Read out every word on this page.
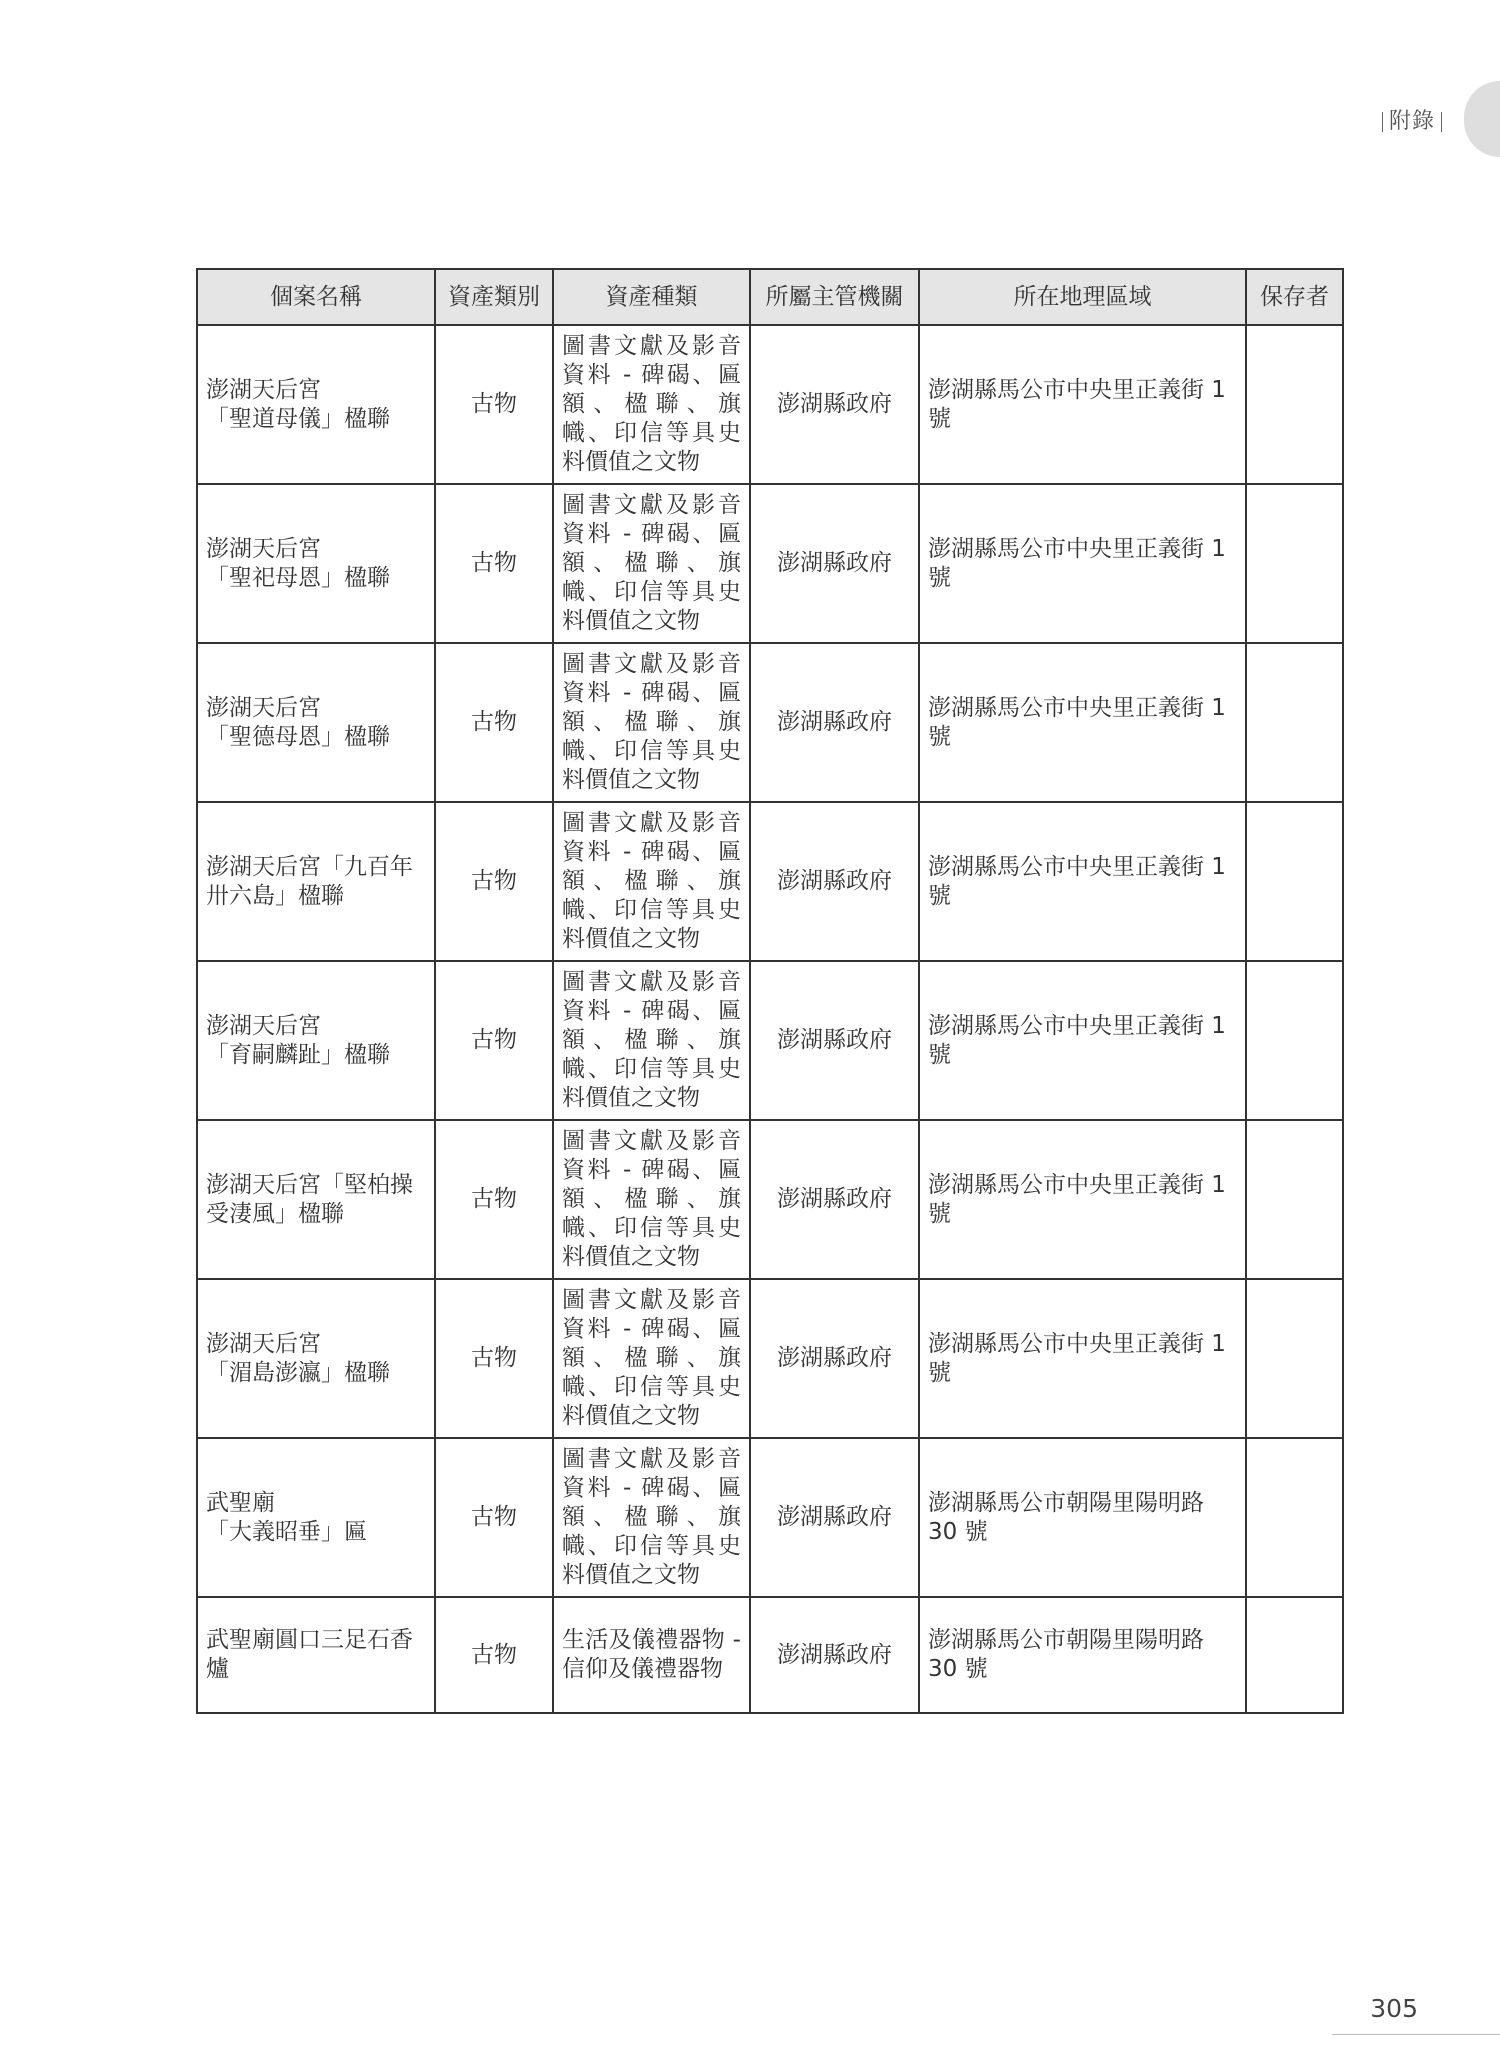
附錄
個案名稱	資產類別	資產種類	所屬主管機關	所在地理區域	保存者

澎湖天后宮
「聖道母儀」楹聯	古物	圖書文獻及影音資料 - 碑碣、匾額、楹聯、旗幟、印信等具史料價值之文物	澎湖縣政府	澎湖縣馬公市中央里正義街 1 號	

澎湖天后宮
「聖祀母恩」楹聯	古物	圖書文獻及影音資料 - 碑碣、匾額、楹聯、旗幟、印信等具史料價值之文物	澎湖縣政府	澎湖縣馬公市中央里正義街 1 號	

澎湖天后宮
「聖德母恩」楹聯	古物	圖書文獻及影音資料 - 碑碣、匾額、楹聯、旗幟、印信等具史料價值之文物	澎湖縣政府	澎湖縣馬公市中央里正義街 1 號	

澎湖天后宮「九百年卅六島」楹聯	古物	圖書文獻及影音資料 - 碑碣、匾額、楹聯、旗幟、印信等具史料價值之文物	澎湖縣政府	澎湖縣馬公市中央里正義街 1 號	

澎湖天后宮
「育嗣麟趾」楹聯	古物	圖書文獻及影音資料 - 碑碣、匾額、楹聯、旗幟、印信等具史料價值之文物	澎湖縣政府	澎湖縣馬公市中央里正義街 1 號	

澎湖天后宮「堅柏操受淒風」楹聯	古物	圖書文獻及影音資料 - 碑碣、匾額、楹聯、旗幟、印信等具史料價值之文物	澎湖縣政府	澎湖縣馬公市中央里正義街 1 號	

澎湖天后宮
「湄島澎瀛」楹聯	古物	圖書文獻及影音資料 - 碑碣、匾額、楹聯、旗幟、印信等具史料價值之文物	澎湖縣政府	澎湖縣馬公市中央里正義街 1 號	

武聖廟
「大義昭垂」匾	古物	圖書文獻及影音資料 - 碑碣、匾額、楹聯、旗幟、印信等具史料價值之文物	澎湖縣政府	澎湖縣馬公市朝陽里陽明路 30 號	

武聖廟圓口三足石香爐	古物	生活及儀禮器物 - 信仰及儀禮器物	澎湖縣政府	澎湖縣馬公市朝陽里陽明路 30 號	
305
